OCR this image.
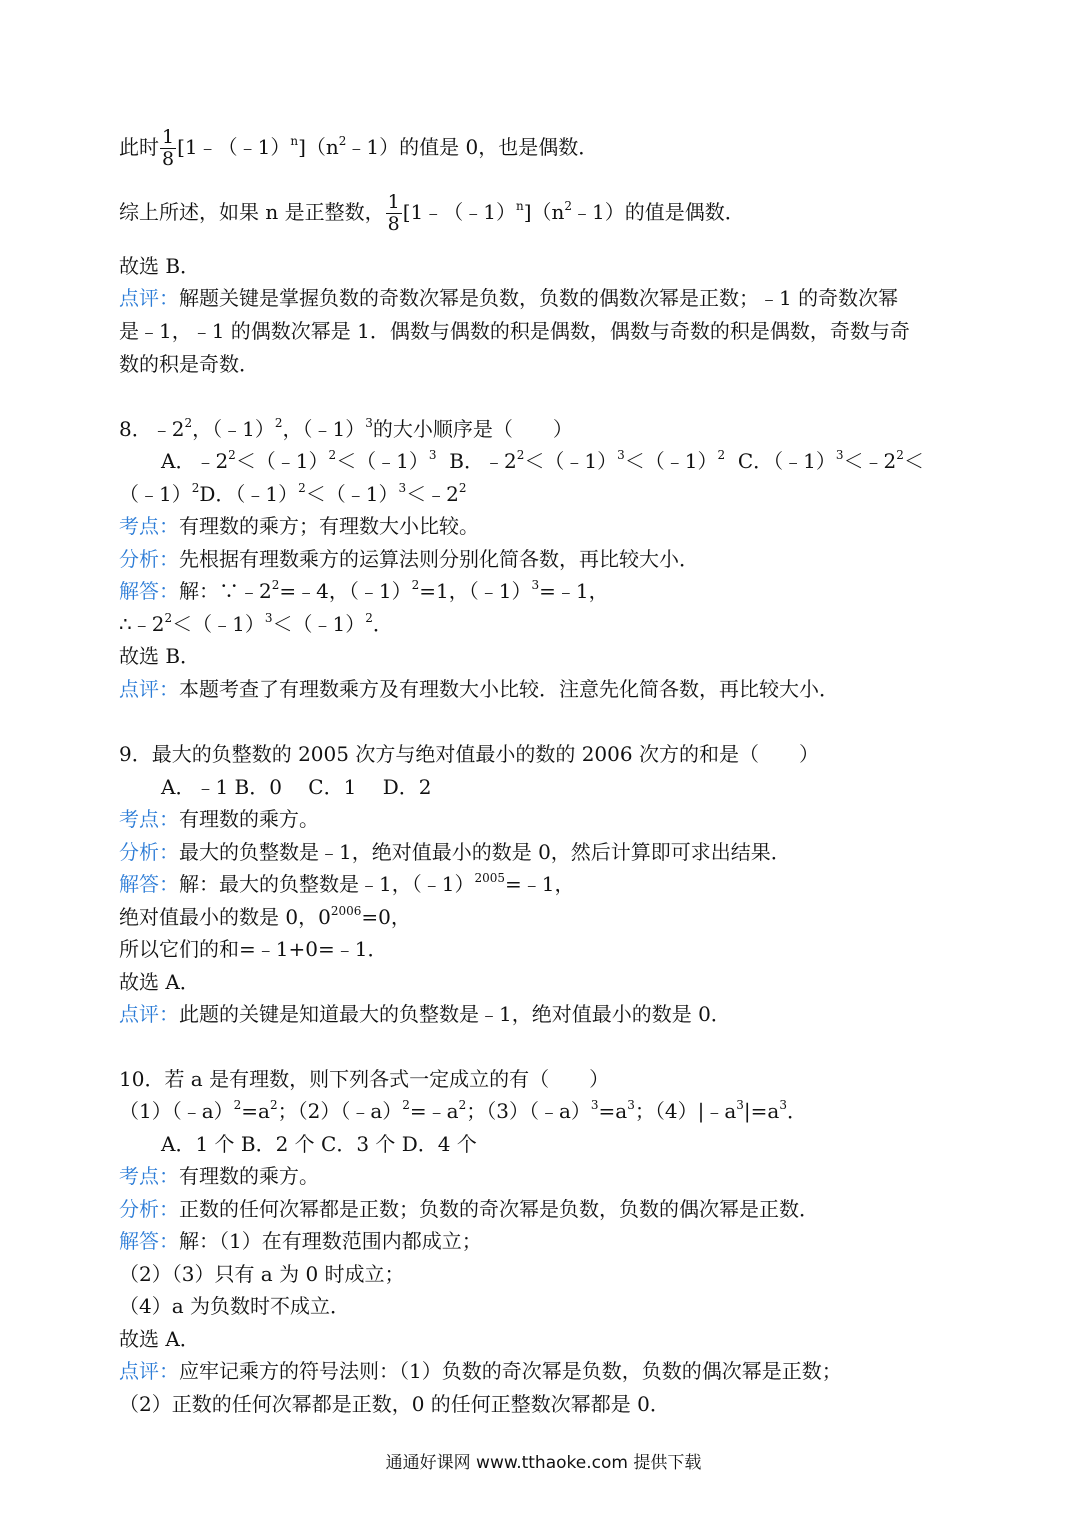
此时 $\frac{1}{8}$ $[1﹣(﹣1)^n](n^2﹣1)$的值是 0，也是偶数．
综上所述，如果 n 是正整数， $\frac{1}{8}$ $[1﹣(﹣1)^n](n^2﹣1)$的值是偶数．
故选 B．
点评：解题关键是掌握负数的奇数次幂是负数，负数的偶数次幂是正数；﹣1 的奇数次幂
是﹣1，﹣1 的偶数次幂是 1．偶数与偶数的积是偶数，偶数与奇数的积是偶数，奇数与奇
数的积是奇数．
8．$﹣2^2$，（﹣1）$^2$，（﹣1）$^3$的大小顺序是（　　）
A．$﹣2^2<(﹣1)^2<(﹣1)^3$ B．$﹣2^2<(﹣1)^3<(﹣1)^2$ C．$(﹣1)^3<﹣2^2<$
（﹣1）$^2$D．$(﹣1)^2<(﹣1)^3<﹣2^2$
考点：有理数的乘方；有理数大小比较。
分析：先根据有理数乘方的运算法则分别化简各数，再比较大小．
解答：解：$\because﹣2^2=﹣4$，（﹣1）$^2$=1，（﹣1）$^3$=﹣1，
$\therefore﹣2^2<(﹣1)^3<(﹣1)^2$．
故选 B．
点评：本题考查了有理数乘方及有理数大小比较．注意先化简各数，再比较大小．
9．最大的负整数的 2005 次方与绝对值最小的数的 2006 次方的和是（　　）
A．﹣1 B．0　 C．1　 D．2
考点：有理数的乘方。
分析：最大的负整数是﹣1，绝对值最小的数是 0，然后计算即可求出结果．
解答：解：最大的负整数是﹣1，（﹣1）$^{2005}$=﹣1，
绝对值最小的数是 0，$0^{2006}=0$，
所以它们的和=﹣1+0=﹣1．
故选 A．
点评：此题的关键是知道最大的负整数是﹣1，绝对值最小的数是 0．
10．若 a 是有理数，则下列各式一定成立的有（　　）
$(1)(﹣a)^2=a^2$；$(2)(﹣a)^2=﹣a^2$；$(3)(﹣a)^3=a^3$；$(4)|﹣a^3|=a^3$．
A．1 个 B．2 个 C．3 个 D．4 个
考点：有理数的乘方。
分析：正数的任何次幂都是正数；负数的奇次幂是负数，负数的偶次幂是正数．
解答：解：（1）在有理数范围内都成立；
（2）（3）只有 a 为 0 时成立；
（4）a 为负数时不成立．
故选 A．
点评：应牢记乘方的符号法则：（1）负数的奇次幂是负数，负数的偶次幂是正数；
（2）正数的任何次幂都是正数，0 的任何正整数次幂都是 0．
通通好课网 www.tthaoke.com 提供下载
